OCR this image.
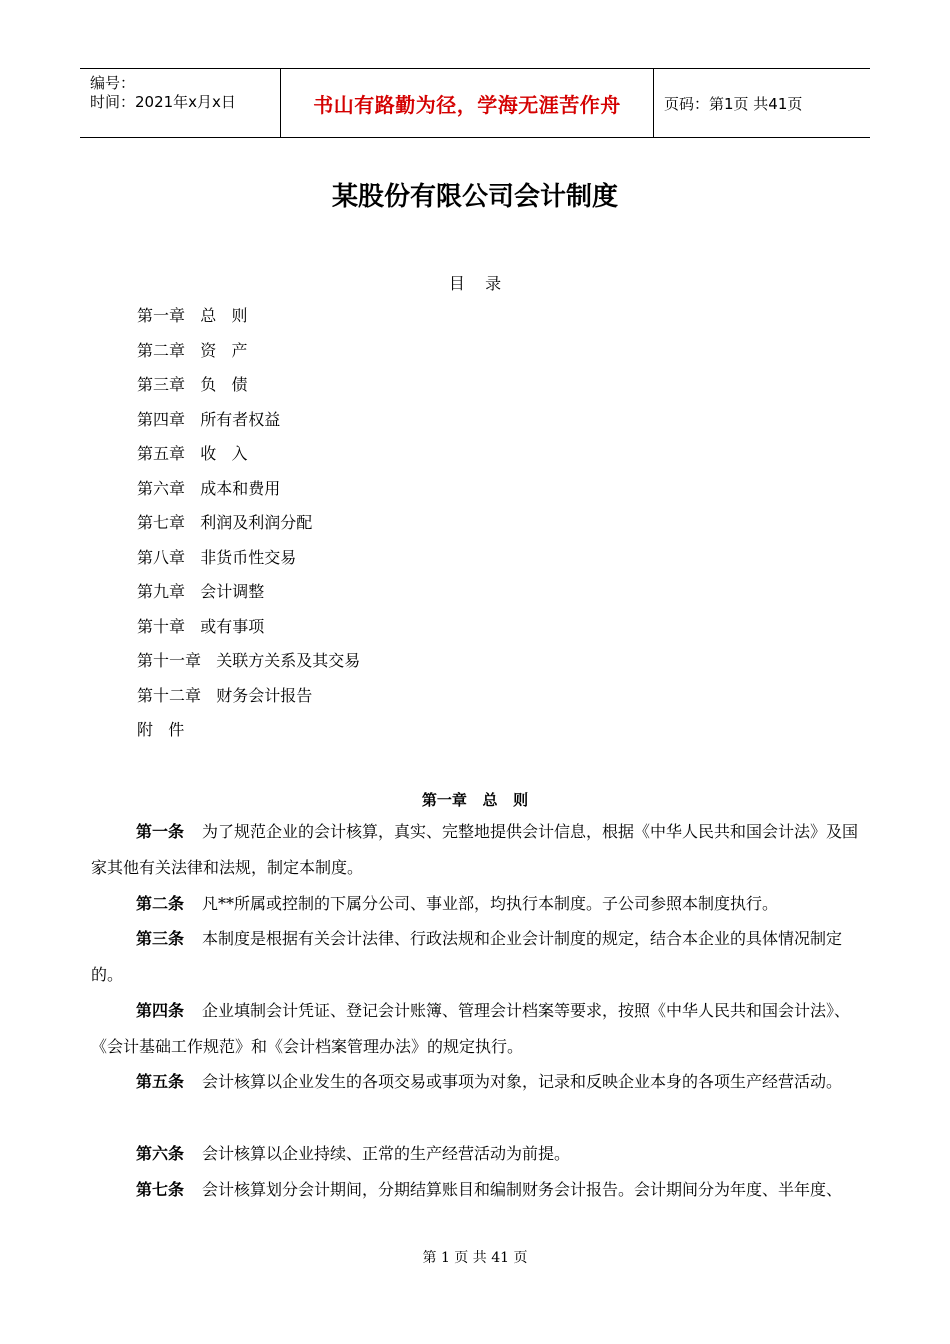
编号：
时间：2021年x月x日	书山有路勤为径，学海无涯苦作舟	页码：第1页 共41页
某股份有限公司会计制度
目    录
第一章   总   则
第二章   资   产
第三章   负   债
第四章   所有者权益
第五章   收   入
第六章   成本和费用
第七章   利润及利润分配
第八章   非货币性交易
第九章   会计调整
第十章   或有事项
第十一章   关联方关系及其交易
第十二章   财务会计报告
附   件
第一章   总   则

第一条 为了规范企业的会计核算，真实、完整地提供会计信息，根据《中华人民共和国会计法》及国家其他有关法律和法规，制定本制度。

第二条 凡**所属或控制的下属分公司、事业部，均执行本制度。子公司参照本制度执行。

第三条 本制度是根据有关会计法律、行政法规和企业会计制度的规定，结合本企业的具体情况制定的。

第四条 企业填制会计凭证、登记会计账簿、管理会计档案等要求，按照《中华人民共和国会计法》、《会计基础工作规范》和《会计档案管理办法》的规定执行。

第五条 会计核算以企业发生的各项交易或事项为对象，记录和反映企业本身的各项生产经营活动。

第六条 会计核算以企业持续、正常的生产经营活动为前提。

第七条 会计核算划分会计期间，分期结算账目和编制财务会计报告。会计期间分为年度、半年度、

第 1 页 共 41 页
